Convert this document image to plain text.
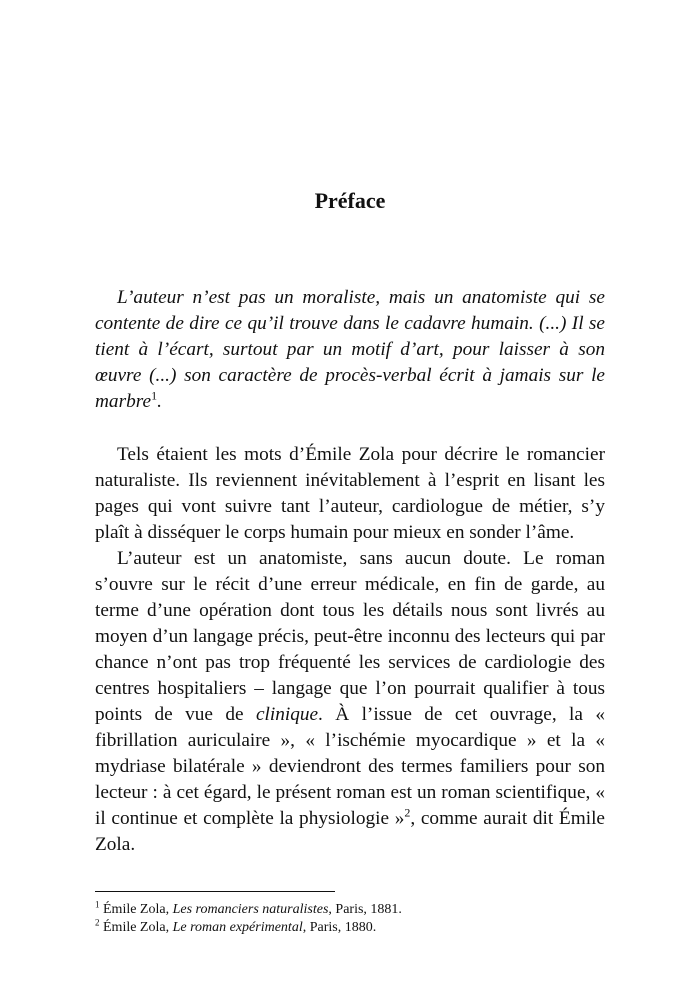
Préface

L’auteur n’est pas un moraliste, mais un anatomiste qui se contente de dire ce qu’il trouve dans le cadavre humain. (...) Il se tient à l’écart, surtout par un motif d’art, pour laisser à son œuvre (...) son caractère de procès-verbal écrit à jamais sur le marbre$^1$.

Tels étaient les mots d’Émile Zola pour décrire le romancier naturaliste. Ils reviennent inévitablement à l’esprit en lisant les pages qui vont suivre tant l’auteur, cardiologue de métier, s’y plaît à disséquer le corps humain pour mieux en sonder l’âme.

L’auteur est un anatomiste, sans aucun doute. Le roman s’ouvre sur le récit d’une erreur médicale, en fin de garde, au terme d’une opération dont tous les détails nous sont livrés au moyen d’un langage précis, peut-être inconnu des lecteurs qui par chance n’ont pas trop fréquenté les services de cardiologie des centres hospitaliers – langage que l’on pourrait qualifier à tous points de vue de clinique. À l’issue de cet ouvrage, la « fibrillation auriculaire », « l’ischémie myocardique » et la « mydriase bilatérale » deviendront des termes familiers pour son lecteur : à cet égard, le présent roman est un roman scientifique, « il continue et complète la physiologie »$^2$, comme aurait dit Émile Zola.

$^1$ Émile Zola, Les romanciers naturalistes, Paris, 1881.
$^2$ Émile Zola, Le roman expérimental, Paris, 1880.
